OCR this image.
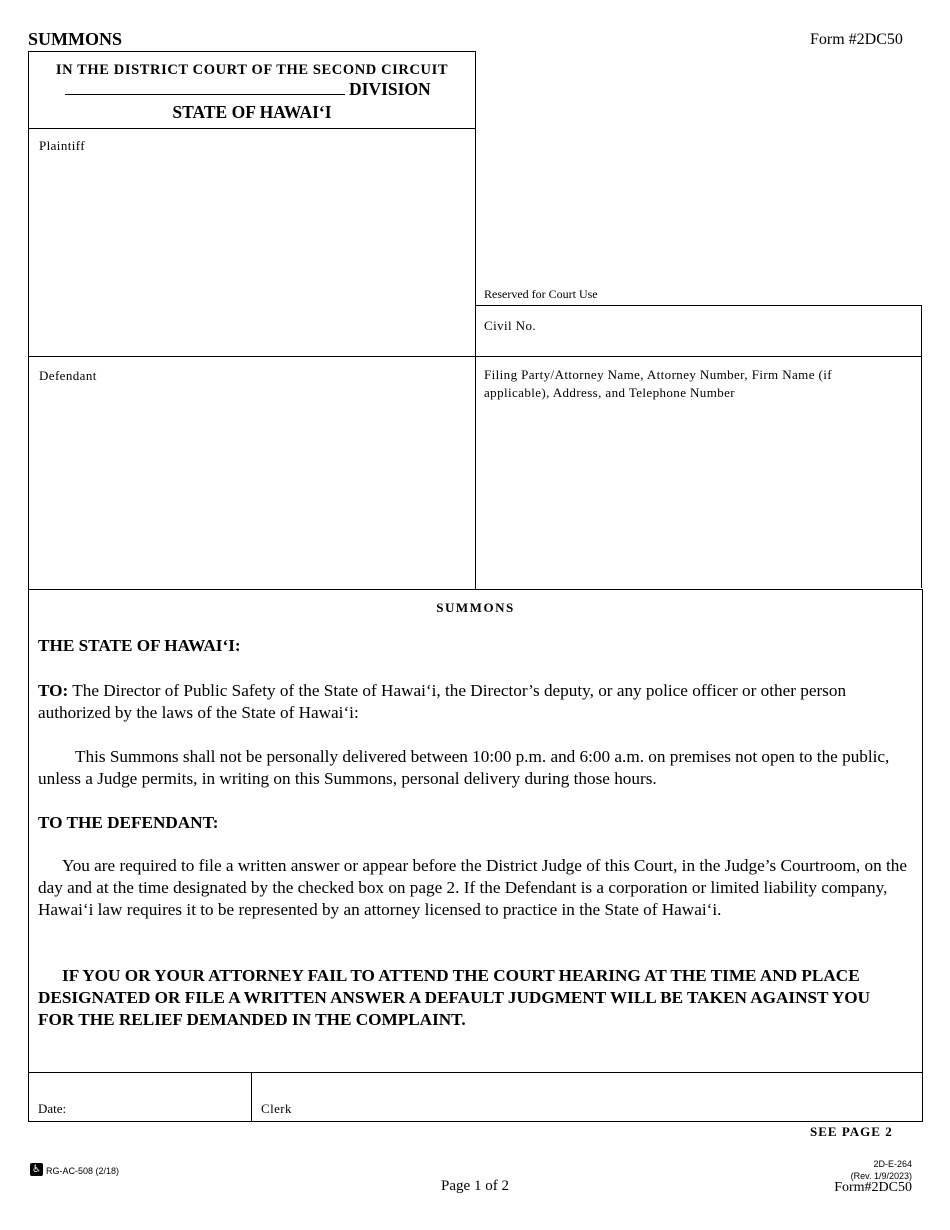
SUMMONS	Form #2DC50
IN THE DISTRICT COURT OF THE SECOND CIRCUIT
DIVISION
STATE OF HAWAI‘I
Plaintiff
Reserved for Court Use
Civil No.
Defendant	Filing Party/Attorney Name, Attorney Number, Firm Name (if applicable), Address, and Telephone Number
SUMMONS
THE STATE OF HAWAI‘I:
TO: The Director of Public Safety of the State of Hawai‘i, the Director’s deputy, or any police officer or other person authorized by the laws of the State of Hawai‘i:
This Summons shall not be personally delivered between 10:00 p.m. and 6:00 a.m. on premises not open to the public, unless a Judge permits, in writing on this Summons, personal delivery during those hours.
TO THE DEFENDANT:
You are required to file a written answer or appear before the District Judge of this Court, in the Judge’s Courtroom, on the day and at the time designated by the checked box on page 2. If the Defendant is a corporation or limited liability company, Hawai‘i law requires it to be represented by an attorney licensed to practice in the State of Hawai‘i.
IF YOU OR YOUR ATTORNEY FAIL TO ATTEND THE COURT HEARING AT THE TIME AND PLACE DESIGNATED OR FILE A WRITTEN ANSWER A DEFAULT JUDGMENT WILL BE TAKEN AGAINST YOU FOR THE RELIEF DEMANDED IN THE COMPLAINT.
Date:	Clerk
SEE PAGE 2
♿ RG-AC-508 (2/18)
Page 1 of 2
2D-E-264
(Rev. 1/9/2023)
Form#2DC50
